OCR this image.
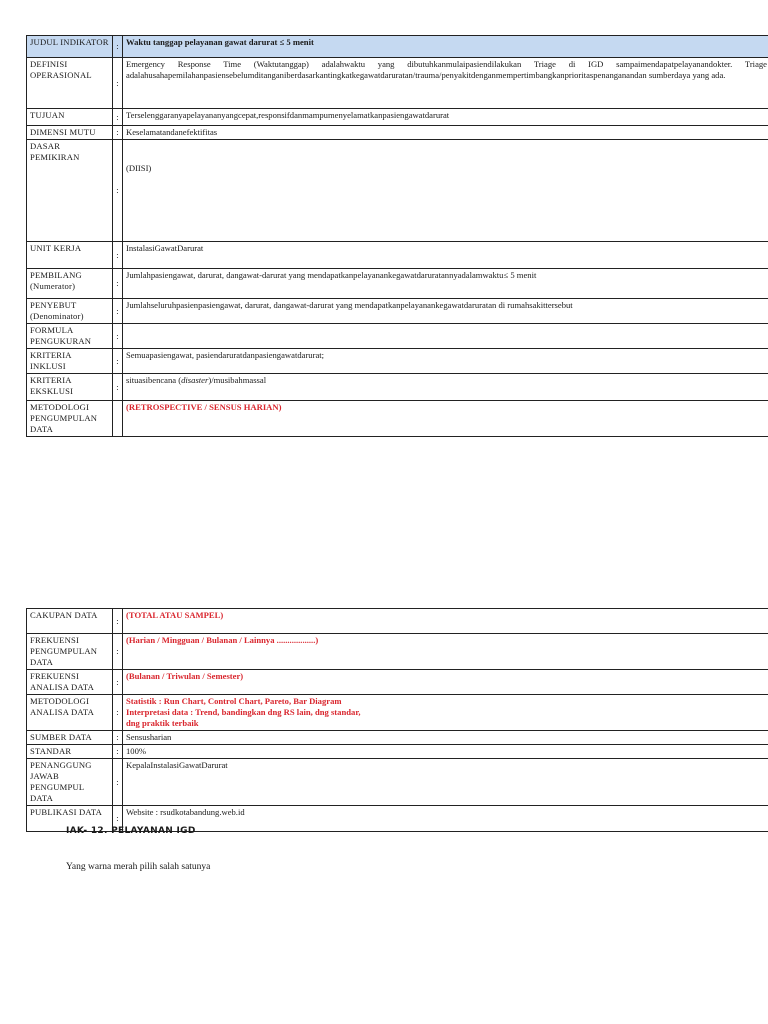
JUDUL INDIKATOR	:	Waktu tanggap pelayanan gawat darurat ≤ 5 menit
DEFINISI OPERASIONAL	:	Emergency Response Time (Waktutanggap) adalahwaktu yang dibutuhkanmulaipasiendilakukan Triage di IGD sampaimendapatpelayanandokter. Triage adalahusahapemilahanpasiensebelumditanganiberdasarkantingkatkegawatdaruratan/trauma/penyakitdenganmempertimbangkanprioritaspenanganandan sumberdaya yang ada.
TUJUAN	:	Terselenggaranyapelayananyangcepat,responsifdanmampumenyelamatkanpasiengawatdarurat
DIMENSI MUTU	:	Keselamatandanefektifitas
DASAR PEMIKIRAN	:	(DIISI)

UNIT KERJA	:	InstalasiGawatDarurat

PEMBILANG
(Numerator)	:	Jumlahpasiengawat, darurat, dangawat-darurat yang mendapatkanpelayanankegawatdaruratannyadalamwaktu≤ 5 menit

PENYEBUT
(Denominator)	:	Jumlahseluruhpasienpasiengawat, darurat, dangawat-darurat yang mendapatkanpelayanankegawatdaruratan di rumahsakittersebut
FORMULA PENGUKURAN	:	
KRITERIA INKLUSI	:	Semuapasiengawat, pasiendaruratdanpasiengawatdarurat;
KRITERIA EKSKLUSI	:	situasibencana (disaster)/musibahmassal
METODOLOGI PENGUMPULAN DATA		(RETROSPECTIVE / SENSUS HARIAN)
CAKUPAN DATA	:	(TOTAL ATAU SAMPEL)
FREKUENSI PENGUMPULAN DATA	:	(Harian / Mingguan / Bulanan / Lainnya ..................)
FREKUENSI ANALISA DATA	:	(Bulanan / Triwulan / Semester)
METODOLOGI ANALISA DATA	:	Statistik : Run Chart, Control Chart, Pareto, Bar Diagram
Interpretasi data : Trend, bandingkan dng RS lain, dng standar, dng praktik terbaik

SUMBER DATA	:	Sensusharian
STANDAR	:	100%
PENANGGUNG JAWAB PENGUMPUL DATA	:	KepalaInstalasiGawatDarurat
PUBLIKASI DATA	:	Website : rsudkotabandung.web.id
IAK- 12. PELAYANAN IGD
Yang warna merah pilih salah satunya
